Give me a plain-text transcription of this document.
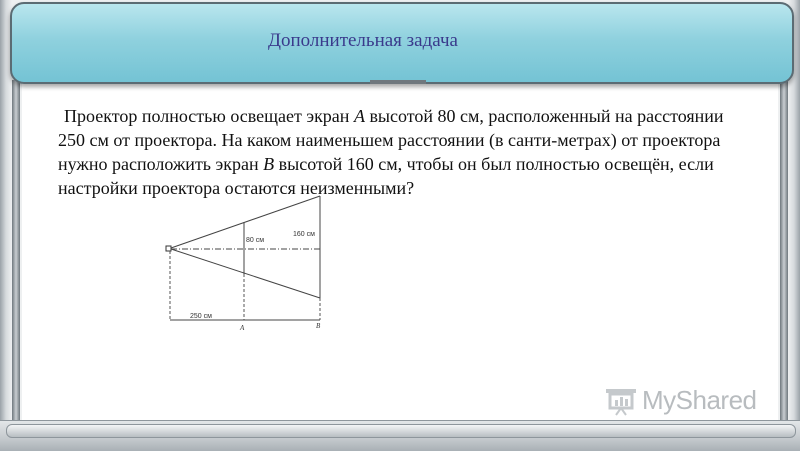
Дополнительная задача
Проектор полностью освещает экран A высотой 80 см, расположенный на расстоянии 250 см от проектора. На каком наименьшем расстоянии (в санти-метрах) от проектора нужно расположить экран B высотой 160 см, чтобы он был полностью освещён, если настройки проектора остаются неизменными?
80 см
160 см
250 см
A	B
MyShared
